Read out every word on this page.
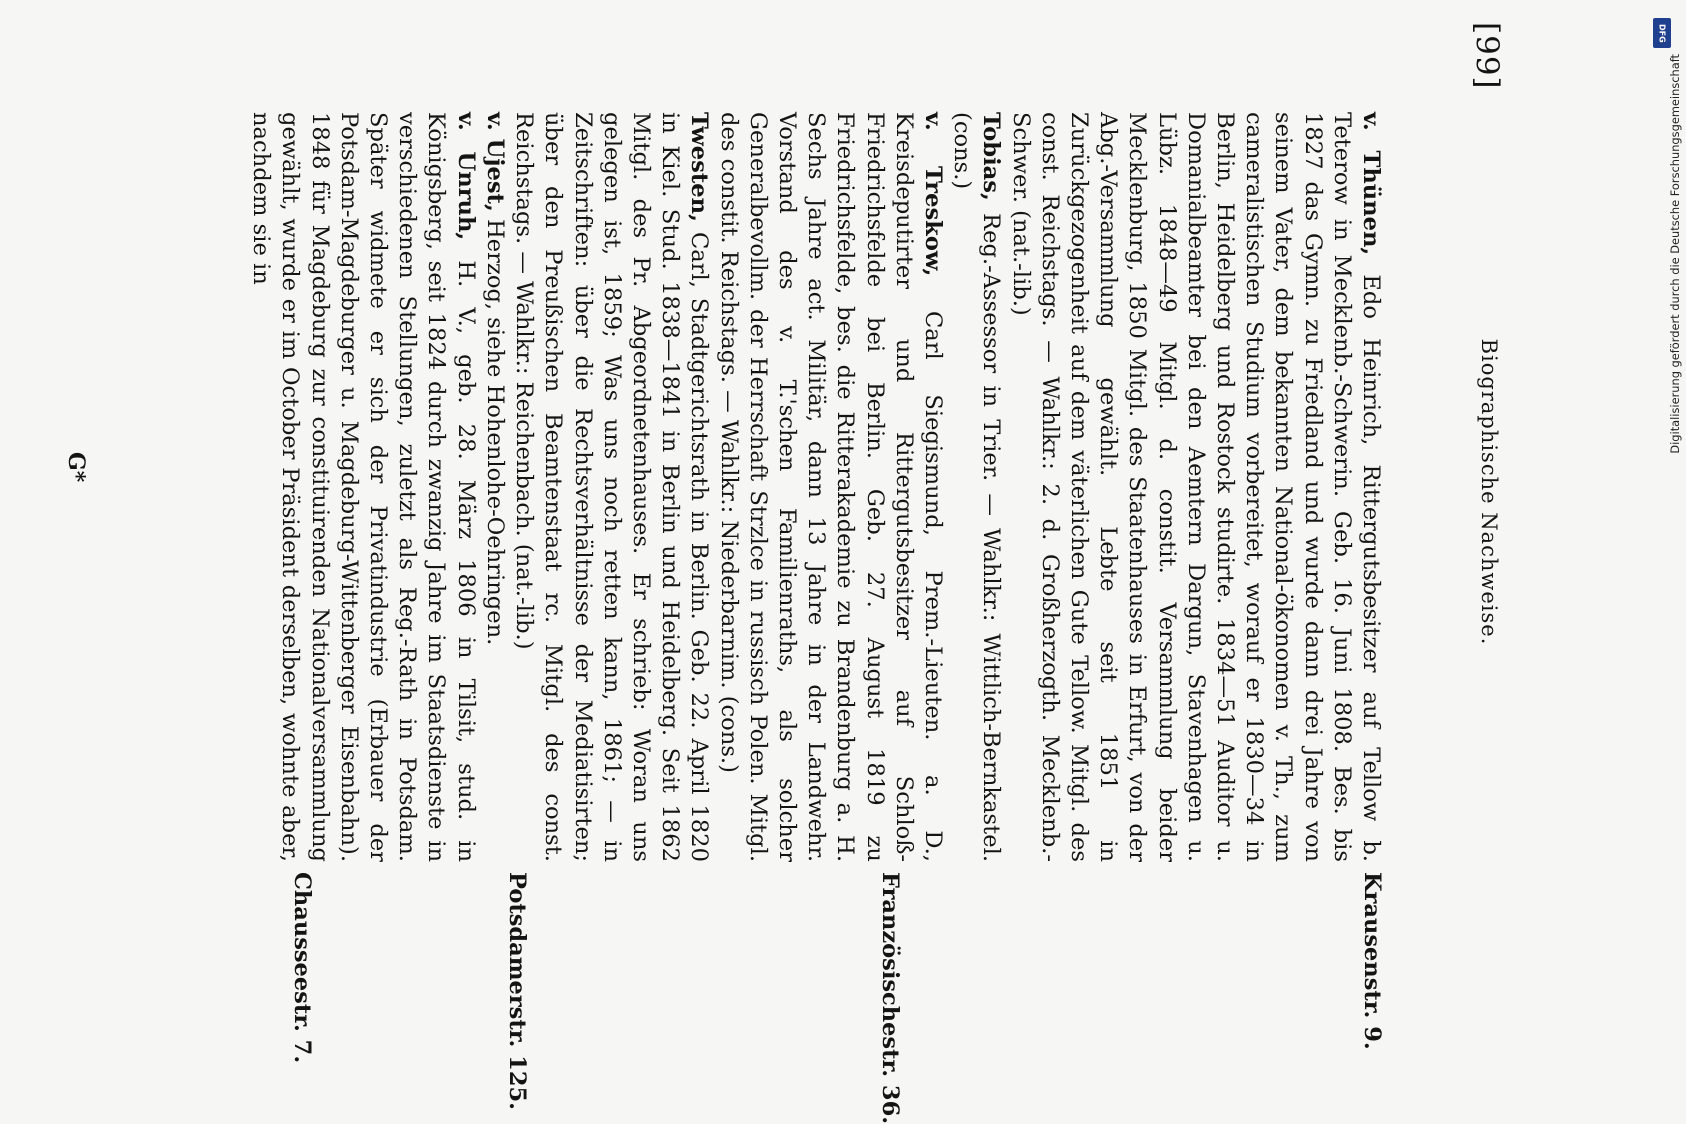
[99]
Biographische Nachweise.

v. Thünen, Edo Heinrich, Rittergutsbesitzer auf Tellow b. Teterow in Mecklenb.-Schwerin. Geb. 16. Juni 1808. Bes. bis 1827 das Gymn. zu Friedland und wurde dann drei Jahre von seinem Vater, dem bekannten National-ökonomen v. Th., zum cameralistischen Studium vorbereitet, worauf er 1830—34 in Berlin, Heidelberg und Rostock studirte. 1834—51 Auditor u. Domanialbeamter bei den Aemtern Dargun, Stavenhagen u. Lübz. 1848—49 Mitgl. d. constit. Versammlung beider Mecklenburg, 1850 Mitgl. des Staatenhauses in Erfurt, von der Abg.-Versammlung gewählt. Lebte seit 1851 in Zurückgezogenheit auf dem väterlichen Gute Tellow. Mitgl. des const. Reichstags. — Wahlkr.: 2. d. Großherzogth. Mecklenb.-Schwer. (nat.-lib.)

Tobias, Reg.-Assessor in Trier. — Wahlkr.: Wittlich-Bernkastel. (cons.)

v. Treskow, Carl Siegismund, Prem.-Lieuten. a. D., Kreisdeputirter und Rittergutsbesitzer auf Schloß-Friedrichsfelde bei Berlin. Geb. 27. August 1819 zu Friedrichsfelde, bes. die Ritterakademie zu Brandenburg a. H. Sechs Jahre act. Militär, dann 13 Jahre in der Landwehr. Vorstand des v. T.'schen Familienraths, als solcher Generalbevollm. der Herrschaft Strzlce in russisch Polen. Mitgl. des constit. Reichstags. — Wahlkr.: Niederbarnim. (cons.)

Twesten, Carl, Stadtgerichtsrath in Berlin. Geb. 22. April 1820 in Kiel. Stud. 1838—1841 in Berlin und Heidelberg. Seit 1862 Mitgl. des Pr. Abgeordnetenhauses. Er schrieb: Woran uns gelegen ist, 1859; Was uns noch retten kann, 1861; — in Zeitschriften: über die Rechtsverhältnisse der Mediatisirten; über den Preußischen Beamtenstaat rc. Mitgl. des const. Reichstags. — Wahlkr.: Reichenbach. (nat.-lib.)

v. Ujest, Herzog, siehe Hohenlohe-Oehringen.

v. Unruh, H. V., geb. 28. März 1806 in Tilsit, stud. in Königsberg, seit 1824 durch zwanzig Jahre im Staatsdienste in verschiedenen Stellungen, zuletzt als Reg.-Rath in Potsdam. Später widmete er sich der Privatindustrie (Erbauer der Potsdam-Magdeburger u. Magdeburg-Wittenberger Eisenbahn). 1848 für Magdeburg zur constituirenden Nationalversammlung gewählt, wurde er im October Präsident derselben, wohnte aber, nachdem sie in

Krausenstr. 9.
Französischestr. 36.
Potsdamerstr. 125.
Chausseestr. 7.
G*
DFG
Digitalisierung gefördert durch die Deutsche Forschungsgemeinschaft
